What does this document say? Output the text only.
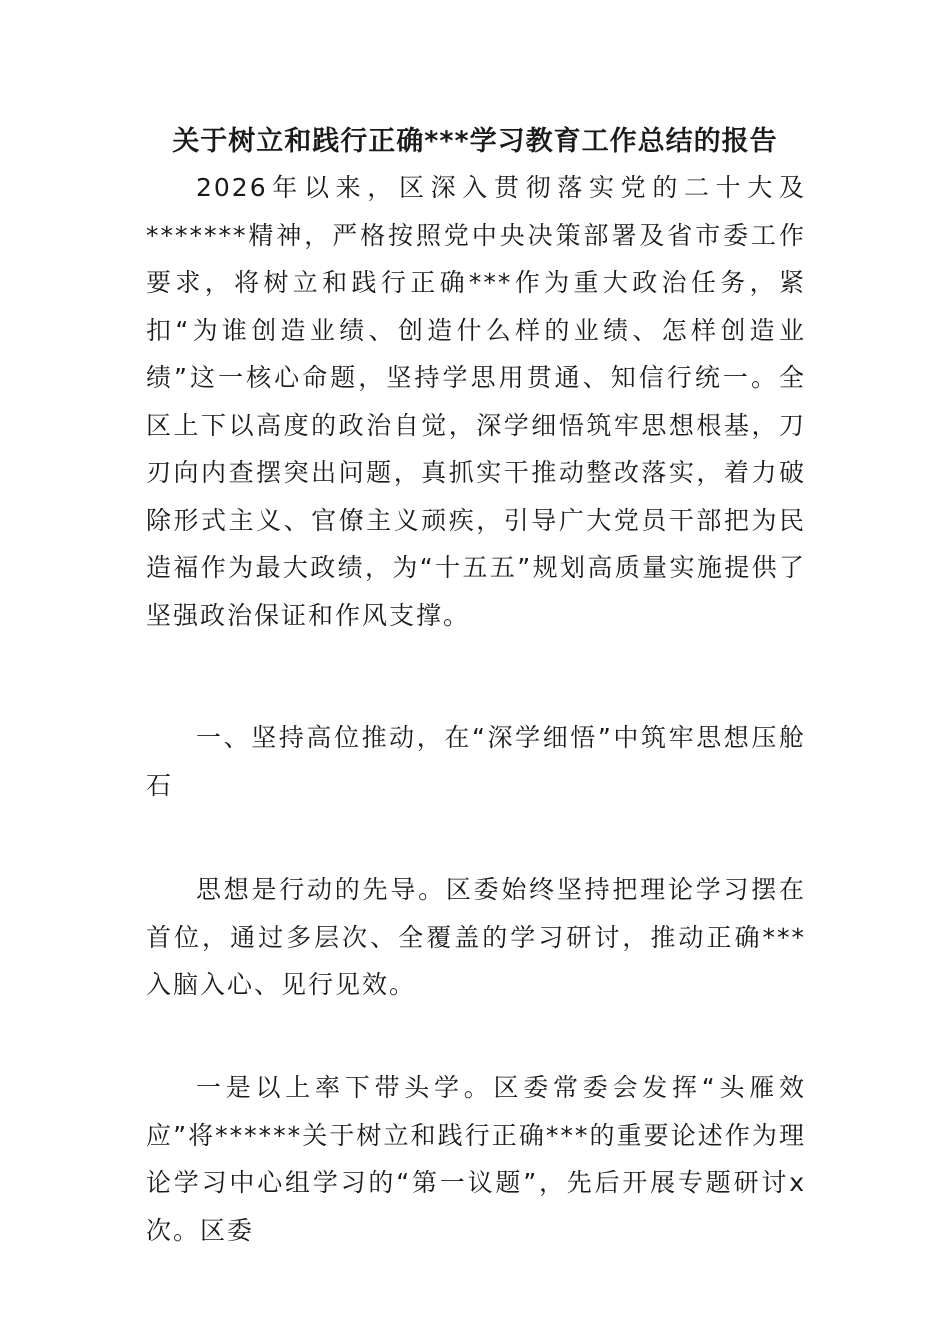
关于树立和践行正确***学习教育工作总结的报告

2026年以来，区深入贯彻落实党的二十大及*******精神，严格按照党中央决策部署及省市委工作要求，将树立和践行正确***作为重大政治任务，紧扣“为谁创造业绩、创造什么样的业绩、怎样创造业绩”这一核心命题，坚持学思用贯通、知信行统一。全区上下以高度的政治自觉，深学细悟筑牢思想根基，刀刃向内查摆突出问题，真抓实干推动整改落实，着力破除形式主义、官僚主义顽疾，引导广大党员干部把为民造福作为最大政绩，为“十五五”规划高质量实施提供了坚强政治保证和作风支撑。

一、坚持高位推动，在“深学细悟”中筑牢思想压舱石

思想是行动的先导。区委始终坚持把理论学习摆在首位，通过多层次、全覆盖的学习研讨，推动正确***入脑入心、见行见效。

一是以上率下带头学。区委常委会发挥“头雁效应”将******关于树立和践行正确***的重要论述作为理论学习中心组学习的“第一议题”，先后开展专题研讨x次。区委
